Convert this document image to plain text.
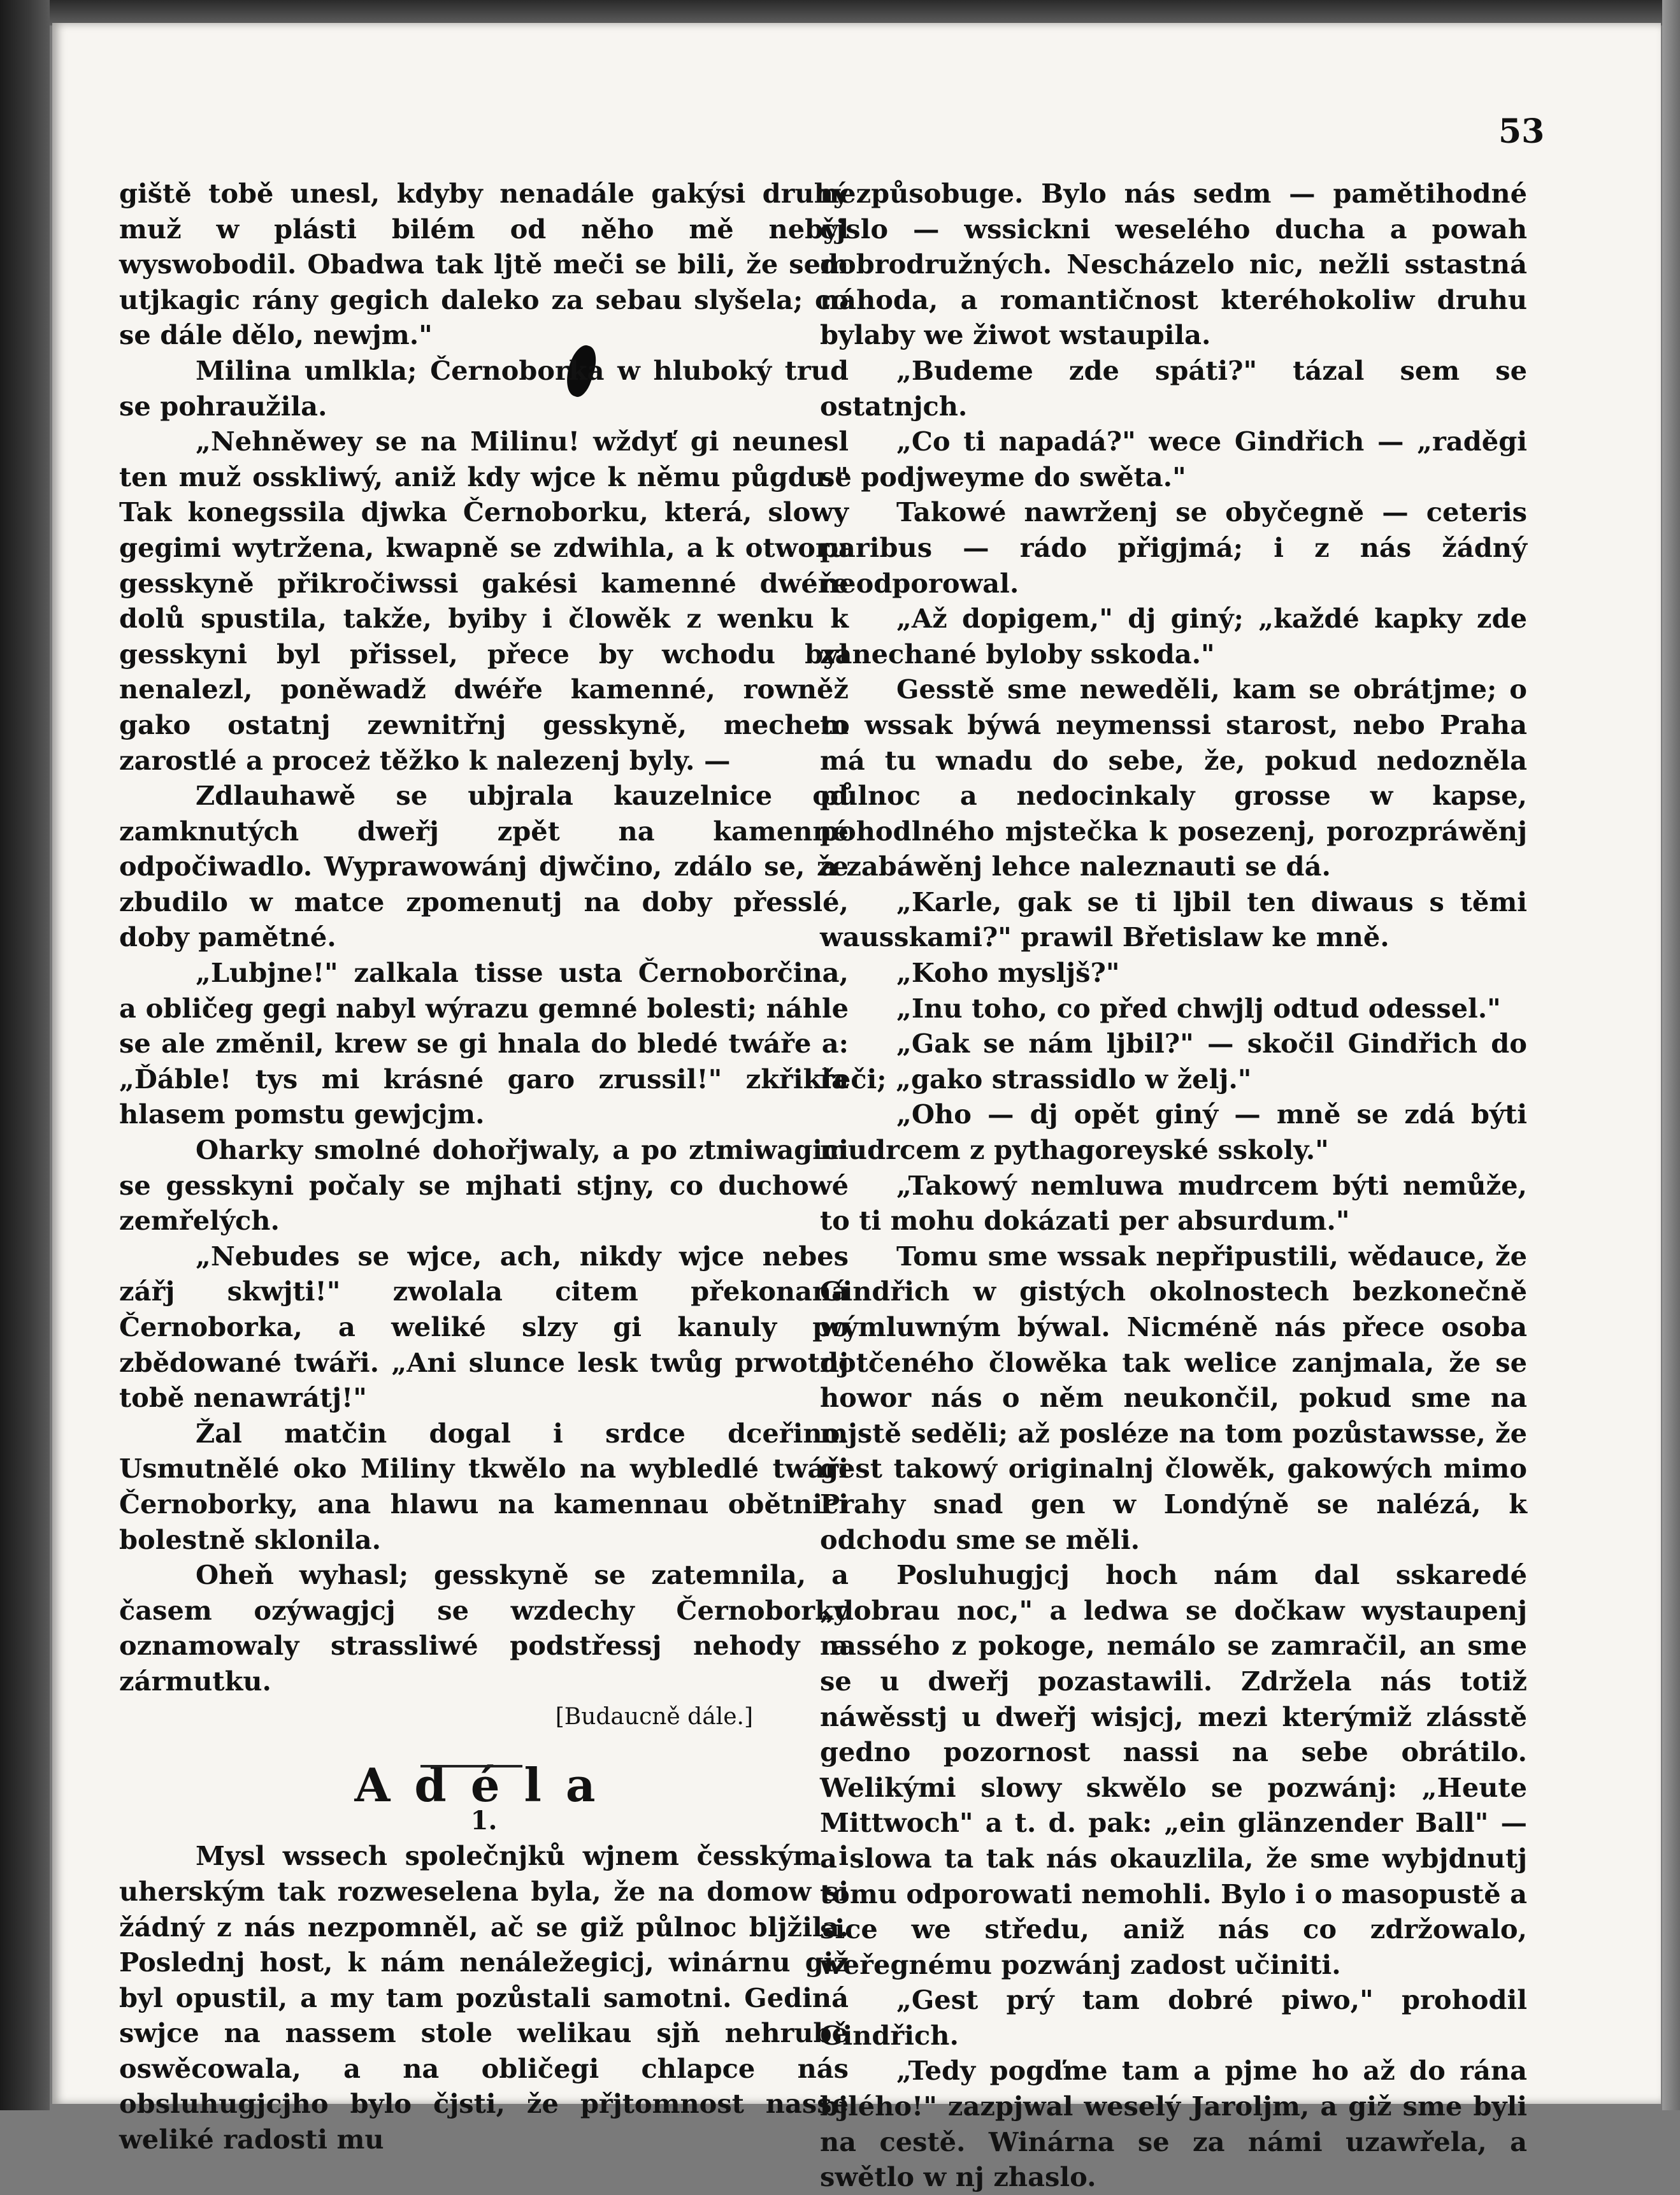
53

giště tobě unesl, kdyby nenadále gakýsi druhý muž w plásti bilém od něho mě nebyl wyswobodil. Obadwa tak ljtě meči se bili, že sem utjkagic rány gegich daleko za sebau slyšela; co se dále dělo, newjm."

Milina umlkla; Černoborka w hluboký trud se pohraužila.

„Nehněwey se na Milinu! wždyť gi neunesl ten muž osskliwý, aniž kdy wjce k němu půgdu." Tak konegssila djwka Černoborku, která, slowy gegimi wytržena, kwapně se zdwihla, a k otworu gesskyně přikročiwssi gakési kamenné dwéře dolů spustila, takže, byiby i člowěk z wenku k gesskyni byl přissel, přece by wchodu byl nenalezl, poněwadž dwéře kamenné, rowněž gako ostatnj zewnitřnj gesskyně, mechem zarostlé a proceż těžko k nalezenj byly. —

Zdlauhawě se ubjrala kauzelnice od zamknutých dweřj zpět na kamenné odpočiwadlo. Wyprawowánj djwčino, zdálo se, že zbudilo w matce zpomenutj na doby přesslé, doby pamětné.

„Lubjne!" zalkala tisse usta Černoborčina, a obličeg gegi nabyl wýrazu gemné bolesti; náhle se ale změnil, krew se gi hnala do bledé twáře a: „Ďáble! tys mi krásné garo zrussil!" zkřikla hlasem pomstu gewjcjm.

Oharky smolné dohořjwaly, a po ztmiwagici se gesskyni počaly se mjhati stjny, co duchowé zemřelých.

„Nebudes se wjce, ach, nikdy wjce nebes zářj skwjti!" zwolala citem překonaná Černoborka, a weliké slzy gi kanuly po zbědowané twáři. „Ani slunce lesk twůg prwotnj tobě nenawrátj!"

Žal matčin dogal i srdce dceřino. Usmutnělé oko Miliny tkwělo na wybledlé twáři Černoborky, ana hlawu na kamennau obětnici bolestně sklonila.

Oheň wyhasl; gesskyně se zatemnila, a časem ozýwagjcj se wzdechy Černoborky oznamowaly strassliwé podstřessj nehody a zármutku.

[Budaucně dále.]

Adéla

1.

Mysl wssech společnjků wjnem česským i uherským tak rozweselena byla, že na domow si žádný z nás nezpomněl, ač se giž půlnoc blјžila. Poslednj host, k nám nenáležegicj, winárnu giž byl opustil, a my tam pozůstali samotni. Gediná swjce na nassem stole welikau sjň nehrubě oswěcowala, a na obličegi chlapce nás obsluhugjcjho bylo čjsti, že přjtomnost nasse weliké radosti mu

nezpůsobuge. Bylo nás sedm — pamětihodné čjslo — wssickni weselého ducha a powah dobrodružných. Nescházelo nic, nežli sstastná náhoda, a romantičnost kteréhokoliw druhu bylaby we žiwot wstaupila.

„Budeme zde spáti?" tázal sem se ostatnjch.

„Co ti napadá?" wece Gindřich — „raděgi se podjweyme do swěta."

Takowé nawrženj se obyčegně — ceteris paribus — rádo přigjmá; i z nás žádný neodporowal.

„Až dopigem," dj giný; „každé kapky zde zanechané byloby sskoda."

Gesstě sme neweděli, kam se obrátjme; o to wssak býwá neymenssi starost, nebo Praha má tu wnadu do sebe, že, pokud nedozněla půlnoc a nedocinkaly grosse w kapse, pohodlného mjstečka k posezenj, porozpráwěnj a zabáwěnj lehce naleznauti se dá.

„Karle, gak se ti ljbil ten diwaus s těmi wausskami?" prawil Břetislaw ke mně.

„Koho myslјš?"

„Inu toho, co před chwjlj odtud odessel."

„Gak se nám ljbil?" — skočil Gindřich do řeči; „gako strassidlo w želj."

„Oho — dj opět giný — mně se zdá býti mudrcem z pythagoreyské sskoly."

„Takowý nemluwa mudrcem býti nemůže, to ti mohu dokázati per absurdum."

Tomu sme wssak nepřipustili, wědauce, že Gindřich w gistých okolnostech bezkonečně wýmluwným býwal. Nicméně nás přece osoba dotčeného člowěka tak welice zanjmala, že se howor nás o něm neukončil, pokud sme na mjstě seděli; až posléze na tom pozůstawsse, že gest takowý originalnj člowěk, gakowých mimo Prahy snad gen w Londýně se nalézá, k odchodu sme se měli.

Posluhugjcj hoch nám dal sskaredé „dobrau noc," a ledwa se dočkaw wystaupenj nassého z pokoge, nemálo se zamračil, an sme se u dweřj pozastawili. Zdržela nás totiž náwěsstj u dweřj wisjcj, mezi kterýmiž zlásstě gedno pozornost nassi na sebe obrátilo. Welikými slowy skwělo se pozwánj: „Heute Mittwoch" a t. d. pak: „ein glänzender Ball" — a slowa ta tak nás okauzlila, že sme wybjdnutj tomu odporowati nemohli. Bylo i o masopustě a sice we středu, aniž nás co zdržowalo, weřegnému pozwánj zadost učiniti.

„Gest prý tam dobré piwo," prohodil Gindřich.

„Tedy pogďme tam a pjme ho až do rána bjlého!" zazpjwal weselý Jaroljm, a giž sme byli na cestě. Winárna se za námi uzawřela, a swětlo w nj zhaslo.
